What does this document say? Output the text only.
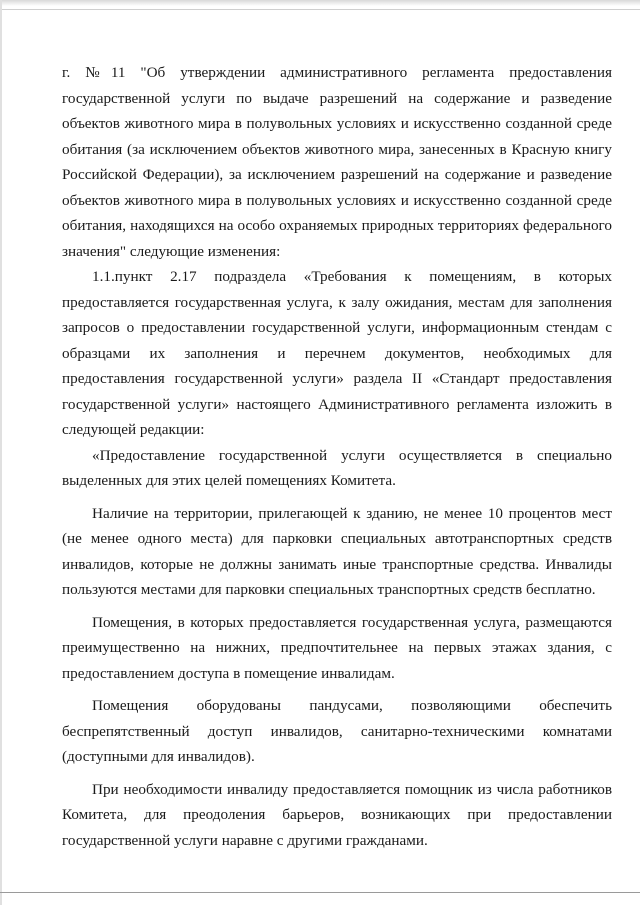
г. №11 "Об утверждении административного регламента предоставления
государственной услуги по выдаче разрешений на содержание и разведение
объектов животного мира в полувольных условиях и искусственно созданной среде
обитания (за исключением объектов животного мира, занесенных в Красную книгу
Российской Федерации), за исключением разрешений на содержание и разведение
объектов животного мира в полувольных условиях и искусственно созданной среде
обитания, находящихся на особо охраняемых природных территориях федерального
значения" следующие изменения:

1.1.пункт 2.17 подраздела «Требования к помещениям, в которых
предоставляется государственная услуга, к залу ожидания, местам для заполнения
запросов о предоставлении государственной услуги, информационным стендам с
образцами их заполнения и перечнем документов, необходимых для
предоставления государственной услуги» раздела II «Стандарт предоставления
государственной услуги» настоящего Административного регламента изложить в
следующей редакции:

«Предоставление государственной услуги осуществляется в специально
выделенных для этих целей помещениях Комитета.

Наличие на территории, прилегающей к зданию, не менее 10 процентов мест
(не менее одного места) для парковки специальных автотранспортных средств
инвалидов, которые не должны занимать иные транспортные средства. Инвалиды
пользуются местами для парковки специальных транспортных средств бесплатно.

Помещения, в которых предоставляется государственная услуга, размещаются
преимущественно на нижних, предпочтительнее на первых этажах здания, с
предоставлением доступа в помещение инвалидам.

Помещения оборудованы пандусами, позволяющими обеспечить
беспрепятственный доступ инвалидов, санитарно-техническими комнатами
(доступными для инвалидов).

При необходимости инвалиду предоставляется помощник из числа работников
Комитета, для преодоления барьеров, возникающих при предоставлении
государственной услуги наравне с другими гражданами.
